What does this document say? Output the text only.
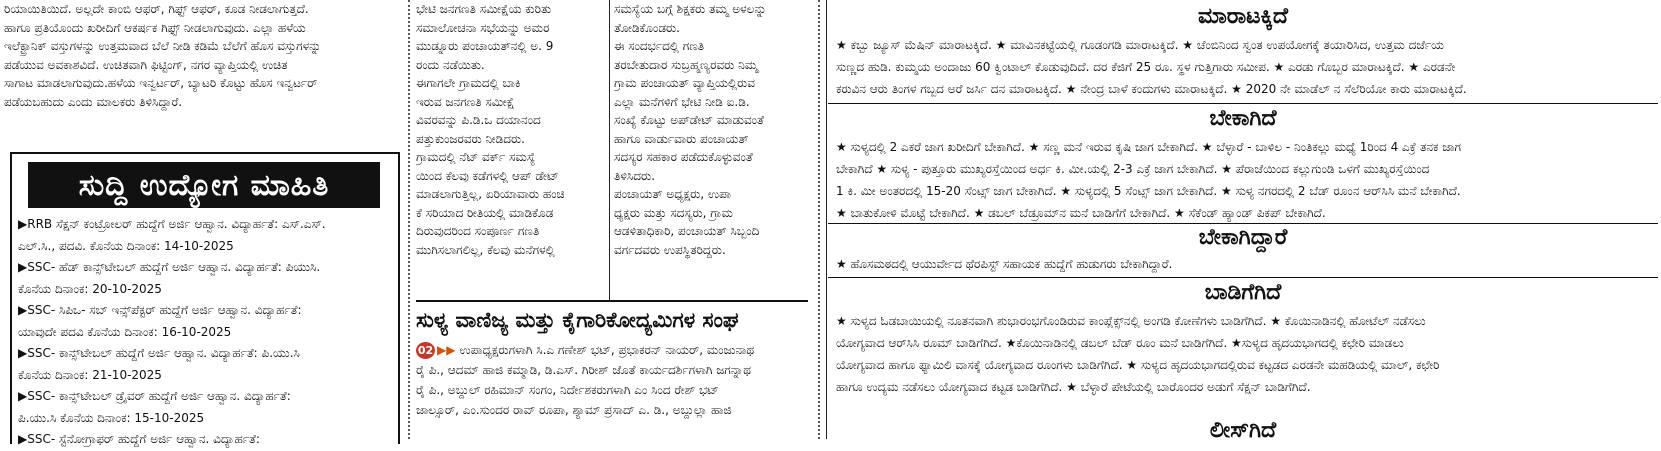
ರಿಯಾಯಿತಿಯಿದೆ. ಅಲ್ಲದೇ ಕಾಂಬಿ ಆಫರ್, ಗಿಫ್ಟ್ ಆಫರ್, ಕೂಡ ನೀಡಲಾಗುತ್ತದೆ.

ಹಾಗೂ ಪ್ರತಿಯೊಂದು ಖರೀದಿಗೆ ಆಕರ್ಷಕ ಗಿಫ್ಟ್ ನೀಡಲಾಗುವುದು. ಎಲ್ಲಾ ಹಳೆಯ

ಇಲೆಕ್ಟ್ರಾನಿಕ್ ವಸ್ತುಗಳನ್ನು ಉತ್ತಮವಾದ ಬೆಲೆ ನೀಡಿ ಕಡಿಮೆ ಬೆಲೆಗೆ ಹೊಸ ವಸ್ತುಗಳನ್ನು

ಪಡೆಯುವ ಅವಕಾಶವಿದೆ. ಉಚಿತವಾಗಿ ಫಿಟ್ಟಿಂಗ್, ನಗರ ವ್ಯಾಪ್ತಿಯಲ್ಲಿ ಉಚಿತ

ಸಾಗಾಟ ಮಾಡಲಾಗುವುದು.ಹಳೆಯ ಇನ್ವರ್ಟರ್, ಬ್ಯಾಟರಿ ಕೊಟ್ಟು ಹೊಸ ಇನ್ವರ್ಟರ್

ಪಡೆಯಬಹುದು ಎಂದು ಮಾಲಕರು ತಿಳಿಸಿದ್ದಾರೆ.

ಸುದ್ದಿ ಉದ್ಯೋಗ ಮಾಹಿತಿ
▶RRB ಸೆಕ್ಷನ್ ಕಂಟ್ರೋಲರ್ ಹುದ್ದೆಗೆ ಅರ್ಜಿ ಆಹ್ವಾನ. ವಿದ್ಯಾರ್ಹತೆ: ಎಸ್.ಎಸ್.
ಎಲ್.ಸಿ., ಪದವಿ. ಕೊನೆಯ ದಿನಾಂಕ: 14-10-2025
▶SSC- ಹೆಡ್ ಕಾನ್ಸ್‌ಟೇಬಲ್ ಹುದ್ದೆಗೆ ಅರ್ಜಿ ಆಹ್ವಾನ. ವಿದ್ಯಾರ್ಹತೆ: ಪಿಯುಸಿ.
ಕೊನೆಯ ದಿನಾಂಕ: 20-10-2025
▶SSC- ಸಿಪಿಒ- ಸಬ್ ಇನ್ಸ್‌ಪೆಕ್ಟರ್ ಹುದ್ದೆಗೆ ಅರ್ಜಿ ಆಹ್ವಾನ. ವಿದ್ಯಾರ್ಹತೆ:
ಯಾವುದೇ ಪದವಿ ಕೊನೆಯ ದಿನಾಂಕ: 16-10-2025
▶SSC- ಕಾನ್ಸ್‌ಟೇಬಲ್ ಹುದ್ದೆಗೆ ಅರ್ಜಿ ಆಹ್ವಾನ. ವಿದ್ಯಾರ್ಹತೆ: ಪಿ.ಯು.ಸಿ
ಕೊನೆಯ ದಿನಾಂಕ: 21-10-2025
▶SSC- ಕಾನ್ಸ್‌ಟೇಬಲ್ ಡ್ರೈವರ್ ಹುದ್ದೆಗೆ ಅರ್ಜಿ ಆಹ್ವಾನ. ವಿದ್ಯಾರ್ಹತೆ:
ಪಿ.ಯು.ಸಿ ಕೊನೆಯ ದಿನಾಂಕ: 15-10-2025
▶SSC- ಸ್ಟೆನೋಗ್ರಾಫರ್ ಹುದ್ದೆಗೆ ಅರ್ಜಿ ಆಹ್ವಾನ. ವಿದ್ಯಾರ್ಹತೆ:

ಭೇಟಿ ಜನಗಣತಿ ಸಮೀಕ್ಷೆಯ ಕುರಿತು

ಸಮಾಲೋಚನಾ ಸಭೆಯನ್ನು ಅಮರ

ಮುಡ್ನೂರು ಪಂಚಾಯತ್‌ನಲ್ಲಿ ಅ. 9

ರಂದು ನಡೆಯಿತು.

ಈಗಾಗಲೇ ಗ್ರಾಮದಲ್ಲಿ ಬಾಕಿ

ಇರುವ ಜನಗಣತಿ ಸಮೀಕ್ಷೆ

ವಿವರವನ್ನು ಪಿ.ಡಿ.ಒ ದಯಾನಂದ

ಪತ್ತುಕುಂಜರವರು ನೀಡಿದರು.

ಗ್ರಾಮದಲ್ಲಿ ನೆಟ್ ವರ್ಕ್ ಸಮಸ್ಯೆ

ಯಿಂದ ಕೆಲವು ಕಡೆಗಳಲ್ಲಿ ಆಪ್ ಡೇಟ್

ಮಾಡಲಾಗುತ್ತಿಲ್ಲ, ಏರಿಯಾವಾರು ಹಂಚಿ

ಕೆ ಸರಿಯಾದ ರೀತಿಯಲ್ಲಿ ಮಾಡಿಕೊಡ

ದಿರುವುದರಿಂದ ಸಂಪೂರ್ಣ ಗಣತಿ

ಮುಗಿಸಲಾಗಲಿಲ್ಲ, ಕೆಲವು ಮನೆಗಳಲ್ಲಿ

ಸಮಸ್ಯೆಯ ಬಗ್ಗೆ ಶಿಕ್ಷಕರು ತಮ್ಮ ಅಳಲನ್ನು

ತೋಡಿಕೊಂಡರು.

ಈ ಸಂದರ್ಭದಲ್ಲಿ ಗಣತಿ

ತರಬೇತುದಾರ ಸುಬ್ರಹ್ಮಣ್ಯರವರು ನಿಮ್ಮ

ಗ್ರಾಮ ಪಂಚಾಯತ್ ವ್ಯಾಪ್ತಿಯಲ್ಲಿರುವ

ಎಲ್ಲಾ ಮನೆಗಳಿಗೆ ಭೇಟಿ ನೀಡಿ ಐ.ಡಿ.

ಸಂಖ್ಯೆ ಕೊಟ್ಟು ಅಪ್‌ಡೇಟ್ ಮಾಡುವಂತೆ

ಹಾಗೂ ವಾರ್ಡುವಾರು ಪಂಚಾಯತ್

ಸದಸ್ಯರ ಸಹಕಾರ ಪಡೆದುಕೊಳ್ಳುವಂತೆ

ತಿಳಿಸಿದರು.

ಪಂಚಾಯತ್ ಅಧ್ಯಕ್ಷರು, ಉಪಾ

ಧ್ಯಕ್ಷರು ಮತ್ತು ಸದಸ್ಯರು, ಗ್ರಾಮ

ಆಡಳಿತಾಧಿಕಾರಿ, ಪಂಚಾಯತ್ ಸಿಬ್ಬಂದಿ

ವರ್ಗದವರು ಉಪಸ್ಥಿತರಿದ್ದರು.

ಸುಳ್ಯ ವಾಣಿಜ್ಯ ಮತ್ತು ಕೈಗಾರಿಕೋದ್ಯಮಿಗಳ ಸಂಘ
02 ▶▶ ಉಪಾಧ್ಯಕ್ಷರುಗಳಾಗಿ ಸಿ.ಎ ಗಣೇಶ್ ಭಟ್, ಪ್ರಭಾಕರನ್ ನಾಯರ್, ಮಂಜುನಾಥ
ರೈ ಪಿ., ಆದಮ್ ಹಾಜಿ ಕಮ್ಮಾಡಿ, ಡಿ.ಎಸ್. ಗಿರೀಶ್ ಜೊತೆ ಕಾರ್ಯದರ್ಶಿಗಳಾಗಿ ಜಗನ್ನಾಥ
ರೈ ಪಿ., ಅಬ್ದುಲ್ ರಹಿಮಾನ್ ಸಂಗಂ, ನಿರ್ದೇಶಕರುಗಳಾಗಿ ಎಂ ಸಿಂದ ರೇಶ್ ಭಟ್
ಜಾಲ್ಸೂರ್, ಎಂ.ಸುಂದರ ರಾವ್ ರೂಪಾ, ಶ್ಯಾಮ್ ಪ್ರಸಾದ್ ಎ. ಡಿ., ಅಬ್ದುಲ್ಲಾ ಹಾಜಿ
ಮಾರಾಟಕ್ಕಿದೆ
★ ಕಬ್ಬು ಜ್ಯೂಸ್ ಮೆಷಿನ್ ಮಾರಾಟಕ್ಕಿದೆ. ★ ಮಾವಿನಕಟ್ಟೆಯಲ್ಲಿ ಗೂಡಂಗಡಿ ಮಾರಾಟಕ್ಕಿದೆ. ★ ಚೆಂಬಿನಿಂದ ಸ್ವಂತ ಉಪಯೋಗಕ್ಕೆ ತಯಾರಿಸಿದ, ಉತ್ತಮ ದರ್ಜೆಯ
ಸುಣ್ಣದ ಹುಡಿ. ಕುಮ್ಮಯ ಅಂದಾಜು 60 ಕ್ವಿಂಟಾಲ್ ಕೊಡುವುದಿದೆ. ದರ ಕೆಜಿಗೆ 25 ರೂ. ಸ್ಥಳ ಗುತ್ತಿಗಾರು ಸಮೀಪ. ★ ಎರಡು ಗೊಬ್ಬರ ಮಾರಾಟಕ್ಕಿದೆ. ★ ಎರಡನೇ
ಕರುವಿನ ಆರು ತಿಂಗಳ ಗಬ್ಬದ ಅರೆ ಜರ್ಸಿ ದನ ಮಾರಾಟಕ್ಕಿದೆ. ★ ನೇಂದ್ರ ಬಾಳೆ ಕಂದುಗಳು ಮಾರಾಟಕ್ಕಿದೆ. ★ 2020 ನೇ ಮಾಡೆಲ್ ನ ಸೆಲೆರಿಯೋ ಕಾರು ಮಾರಾಟಕ್ಕಿದೆ.
ಬೇಕಾಗಿದೆ
★ ಸುಳ್ಯದಲ್ಲಿ 2 ಎಕರೆ ಜಾಗ ಖರೀದಿಗೆ ಬೇಕಾಗಿದೆ. ★ ಸಣ್ಣ ಮನೆ ಇರುವ ಕೃಷಿ ಜಾಗ ಬೇಕಾಗಿದೆ. ★ ಬೆಳ್ಳಾರೆ - ಬಾಳಿಲ - ನಿಂತಿಕಲ್ಲು ಮಧ್ಯೆ 1ರಿಂದ 4 ಎಕ್ರೆ ತನಕ ಜಾಗ
ಬೇಕಾಗಿದೆ ★ ಸುಳ್ಯ - ಪುತ್ತೂರು ಮುಖ್ಯರಸ್ತೆಯಿಂದ ಅರ್ಧ ಕಿ. ಮೀ.ಯಲ್ಲಿ 2-3 ಎಕ್ರೆ ಜಾಗ ಬೇಕಾಗಿದೆ. ★ ಪೆರಾಜೆಯಿಂದ ಕಲ್ಲುಗುಂಡಿ ಒಳಗೆ ಮುಖ್ಯರಸ್ತೆಯಿಂದ
1 ಕಿ. ಮೀ ಅಂತರದಲ್ಲಿ 15-20 ಸೆಂಟ್ಸ್ ಜಾಗ ಬೇಕಾಗಿದೆ. ★ ಸುಳ್ಯದಲ್ಲಿ 5 ಸೆಂಟ್ಸ್ ಜಾಗ ಬೇಕಾಗಿದೆ. ★ ಸುಳ್ಯ ನಗರದಲ್ಲಿ 2 ಬೆಡ್ ರೂಂನ ಆರ್‌ಸಿಸಿ ಮನೆ ಬೇಕಾಗಿದೆ.
★ ಬಾತುಕೋಳಿ ಮೊಟ್ಟೆ ಬೇಕಾಗಿದೆ. ★ ಡಬಲ್ ಬೆಡ್ರೂಮ್‌ನ ಮನೆ ಬಾಡಿಗೆಗೆ ಬೇಕಾಗಿದೆ. ★ ಸೆಕೆಂಡ್ ಹ್ಯಾಂಡ್ ಪಿಕಪ್ ಬೇಕಾಗಿದೆ.
ಬೇಕಾಗಿದ್ದಾರೆ
★ ಹೊಸಮಠದಲ್ಲಿ ಆಯುರ್ವೇದ ಥೆರಪಿಸ್ಟ್ ಸಹಾಯಕ ಹುದ್ದೆಗೆ ಹುಡುಗರು ಬೇಕಾಗಿದ್ದಾರೆ.
ಬಾಡಿಗೆಗಿದೆ
★ ಸುಳ್ಯದ ಓಡಬಾಯಿಯಲ್ಲಿ ನೂತನವಾಗಿ ಶುಭಾರಂಭಗೊಂಡಿರುವ ಕಾಂಪ್ಲೆಕ್ಸ್‌ನಲ್ಲಿ ಅಂಗಡಿ ಕೋಣೆಗಳು ಬಾಡಿಗೆಗಿದೆ. ★ ಕೊಯಿನಾಡಿನಲ್ಲಿ ಹೋಟೆಲ್ ನಡೆಸಲು
ಯೋಗ್ಯವಾದ ಆರ್‌ಸಿಸಿ ರೂಮ್ ಬಾಡಿಗೆಗಿದೆ. ★ಕೊಯಿನಾಡಿನಲ್ಲಿ ಡಬಲ್ ಬೆಡ್ ರೂಂ ಮನೆ ಬಾಡಿಗೆಗಿದೆ. ★ಸುಳ್ಯದ ಹೃದಯಭಾಗದಲ್ಲಿ ಕಛೇರಿ ಮಾಡಲು
ಯೋಗ್ಯವಾದ ಹಾಗೂ ಫ್ಯಾಮಿಲಿ ವಾಸಕ್ಕೆ ಯೋಗ್ಯವಾದ ರೂಂಗಳು ಬಾಡಿಗೆಗಿದೆ. ★ ಸುಳ್ಯದ ಹೃದಯಭಾಗದಲ್ಲಿರುವ ಕಟ್ಟಡದ ಎರಡನೇ ಮಹಡಿಯಲ್ಲಿ ಮಾಲ್, ಕಛೇರಿ
ಹಾಗೂ ಉದ್ಯಮ ನಡೆಸಲು ಯೋಗ್ಯವಾದ ಕಟ್ಟಡ ಬಾಡಿಗೆಗಿದೆ. ★ ಬೆಳ್ಳಾರೆ ಪೇಟೆಯಲ್ಲಿ ಬಾರೊಂದರ ಅಡುಗೆ ಸೆಕ್ಷನ್ ಬಾಡಿಗೆಗಿದೆ.
ಲೀಸ್‌ಗಿದೆ
